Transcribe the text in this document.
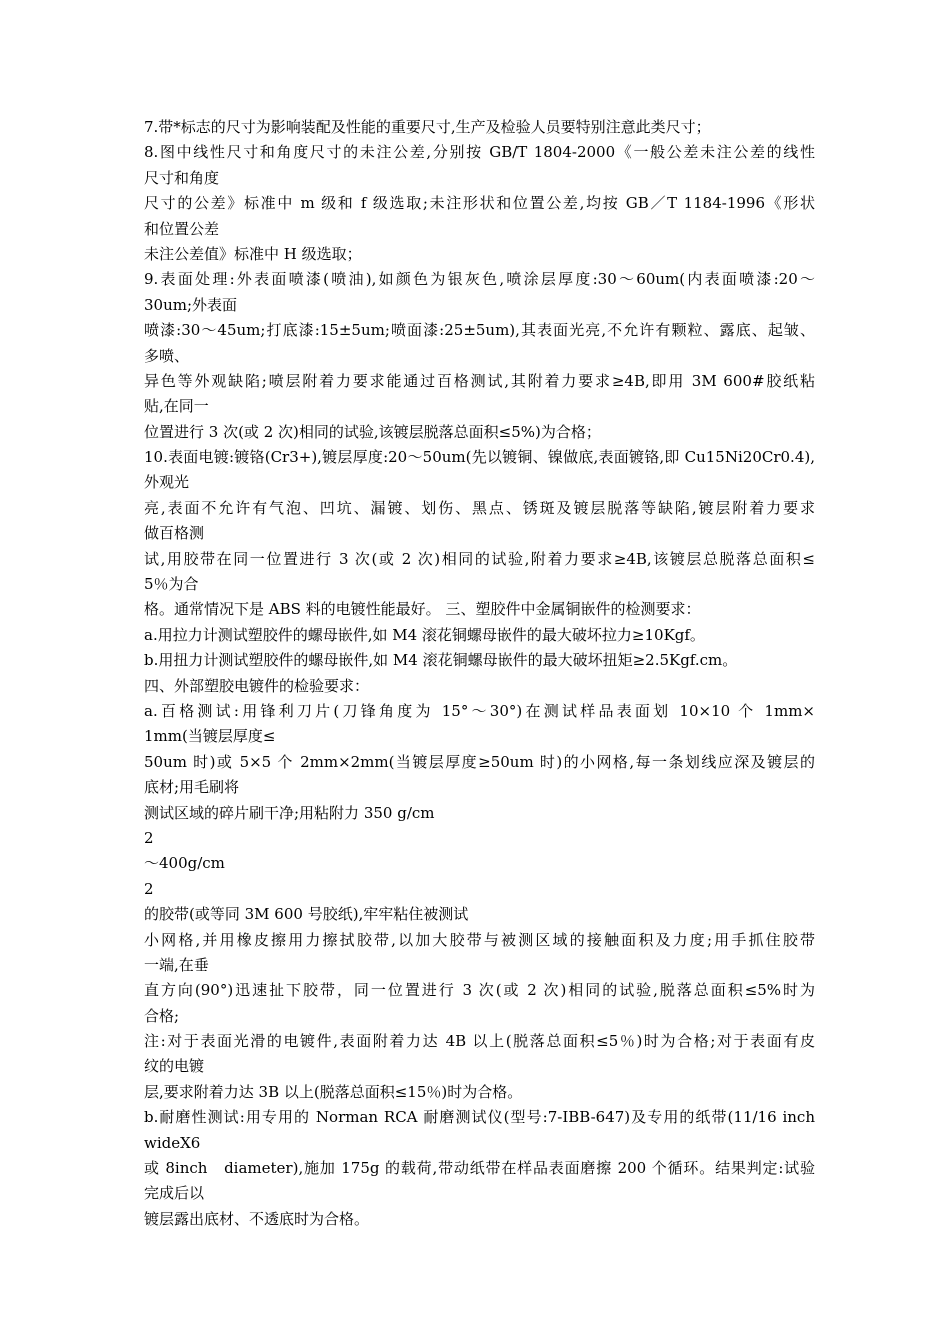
7.带*标志的尺寸为影响装配及性能的重要尺寸,生产及检验人员要特别注意此类尺寸；
8.图中线性尺寸和角度尺寸的未注公差,分别按 GB/T 1804-2000《一般公差未注公差的线性
尺寸和角度
尺寸的公差》标准中 m 级和 f 级选取;未注形状和位置公差,均按 GB／T 1184-1996《形状
和位置公差
未注公差值》标准中 H 级选取；
9.表面处理:外表面喷漆(喷油),如颜色为银灰色,喷涂层厚度:30～60um(内表面喷漆:20～
30um;外表面
喷漆:30～45um;打底漆:15±5um;喷面漆:25±5um),其表面光亮,不允许有颗粒、露底、起皱、
多喷、
异色等外观缺陷;喷层附着力要求能通过百格测试,其附着力要求≥4B,即用 3M 600#胶纸粘
贴,在同一
位置进行 3 次(或 2 次)相同的试验,该镀层脱落总面积≤5%)为合格；
10.表面电镀:镀铬(Cr3+),镀层厚度:20～50um(先以镀铜、镍做底,表面镀铬,即 Cu15Ni20Cr0.4),
外观光
亮,表面不允许有气泡、凹坑、漏镀、划伤、黑点、锈斑及镀层脱落等缺陷,镀层附着力要求
做百格测
试,用胶带在同一位置进行 3 次(或 2 次)相同的试验,附着力要求≥4B,该镀层总脱落总面积≤
5％为合
格。通常情况下是 ABS 料的电镀性能最好。 三、塑胶件中金属铜嵌件的检测要求：
a.用拉力计测试塑胶件的螺母嵌件,如 M4 滚花铜螺母嵌件的最大破坏拉力≥10Kgf。
b.用扭力计测试塑胶件的螺母嵌件,如 M4 滚花铜螺母嵌件的最大破坏扭矩≥2.5Kgf.cm。
四、外部塑胶电镀件的检验要求：
a.百格测试:用锋利刀片(刀锋角度为 15°～30°)在测试样品表面划 10×10 个 1mm×
1mm(当镀层厚度≤
50um 时)或 5×5 个 2mm×2mm(当镀层厚度≥50um 时)的小网格,每一条划线应深及镀层的
底材;用毛刷将
测试区域的碎片刷干净;用粘附力 350 g/cm
2
～400g/cm
2
的胶带(或等同 3M 600 号胶纸),牢牢粘住被测试
小网格,并用橡皮擦用力擦拭胶带,以加大胶带与被测区域的接触面积及力度;用手抓住胶带
一端,在垂
直方向(90°)迅速扯下胶带，同一位置进行 3 次(或 2 次)相同的试验,脱落总面积≤5%时为
合格;
注:对于表面光滑的电镀件,表面附着力达 4B 以上(脱落总面积≤5％)时为合格;对于表面有皮
纹的电镀
层,要求附着力达 3B 以上(脱落总面积≤15％)时为合格。
b.耐磨性测试:用专用的 Norman RCA 耐磨测试仪(型号:7-IBB-647)及专用的纸带(11/16 inch
wideX6
或 8inch　diameter),施加 175g 的载荷,带动纸带在样品表面磨擦 200 个循环。结果判定:试验
完成后以
镀层露出底材、不透底时为合格。
